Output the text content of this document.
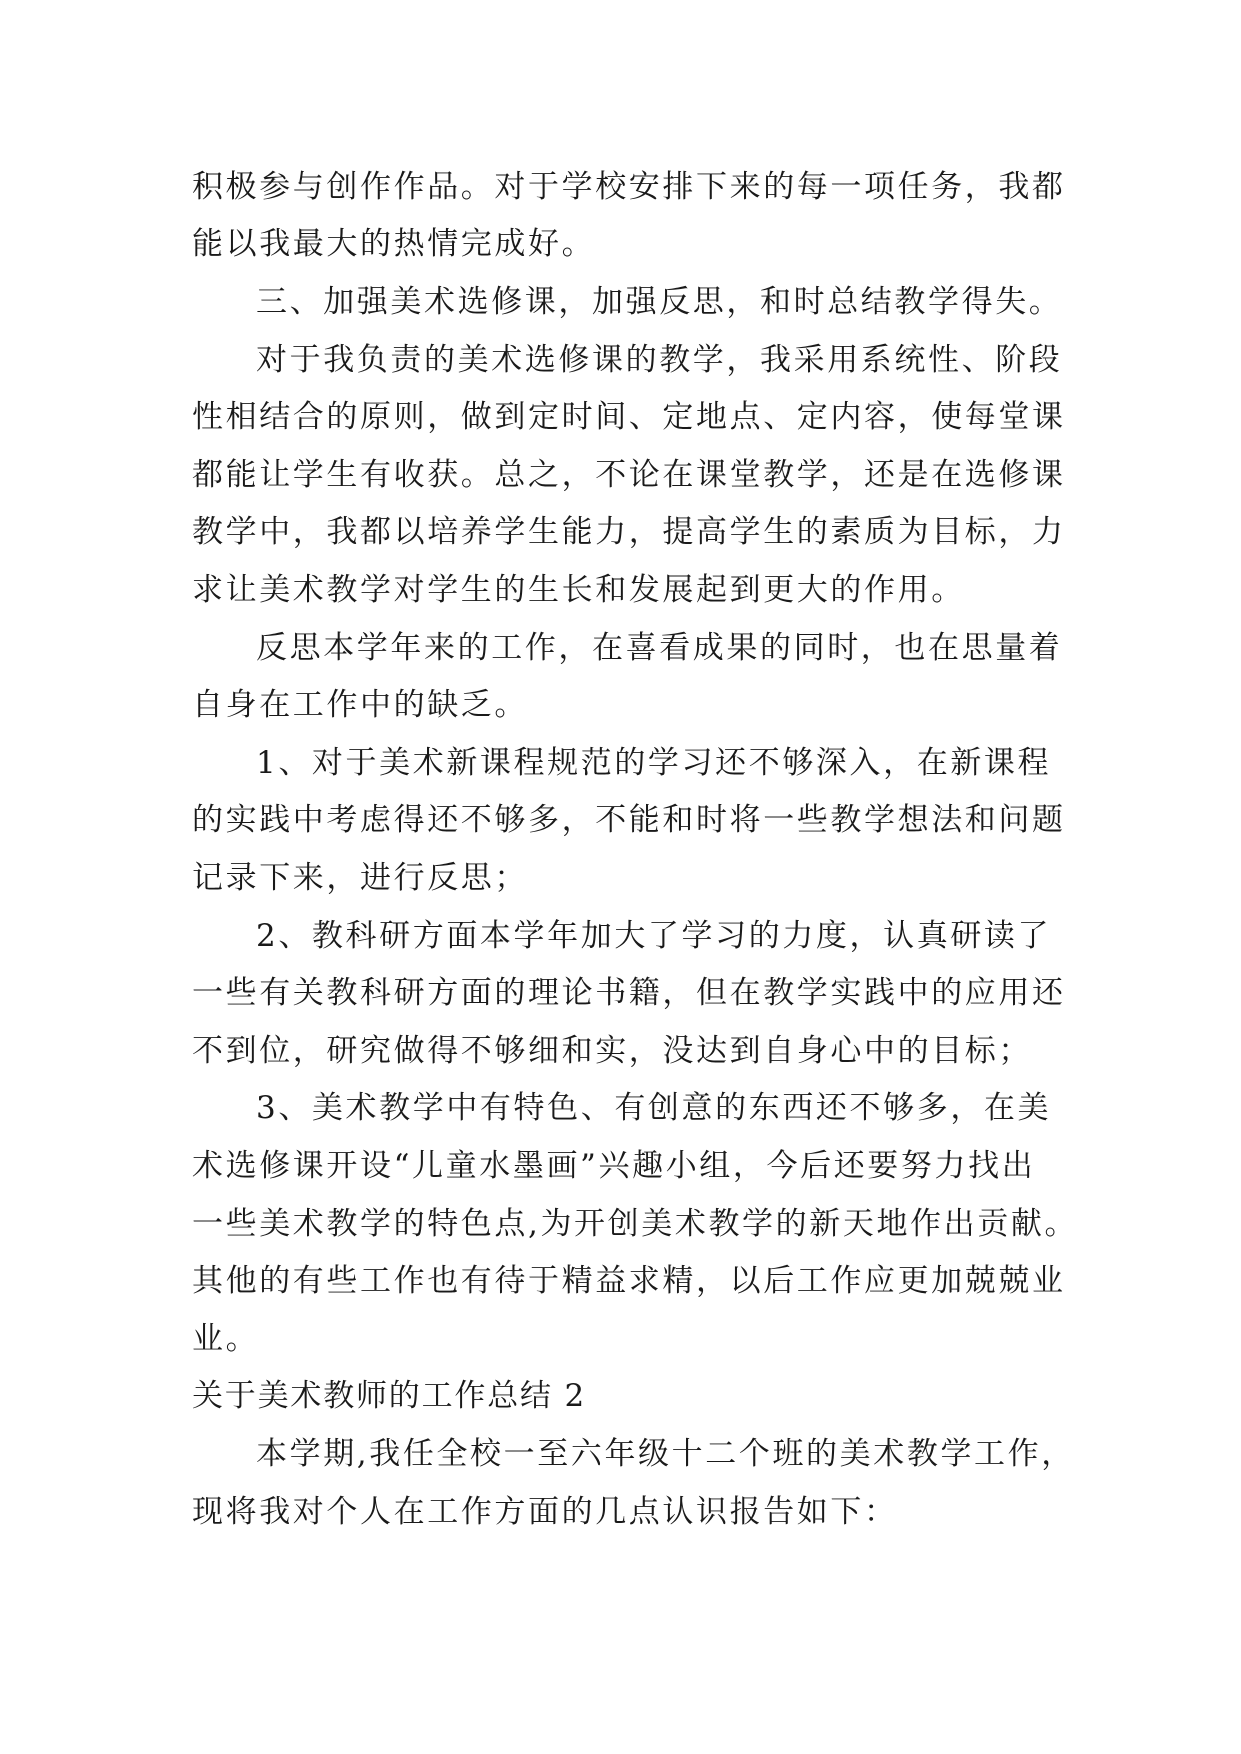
积极参与创作作品。对于学校安排下来的每一项任务，我都
能以我最大的热情完成好。
三、加强美术选修课，加强反思，和时总结教学得失。
对于我负责的美术选修课的教学，我采用系统性、阶段
性相结合的原则，做到定时间、定地点、定内容，使每堂课
都能让学生有收获。总之，不论在课堂教学，还是在选修课
教学中，我都以培养学生能力，提高学生的素质为目标，力
求让美术教学对学生的生长和发展起到更大的作用。
反思本学年来的工作，在喜看成果的同时，也在思量着
自身在工作中的缺乏。
1、对于美术新课程规范的学习还不够深入，在新课程
的实践中考虑得还不够多，不能和时将一些教学想法和问题
记录下来，进行反思；
2、教科研方面本学年加大了学习的力度，认真研读了
一些有关教科研方面的理论书籍，但在教学实践中的应用还
不到位，研究做得不够细和实，没达到自身心中的目标；
3、美术教学中有特色、有创意的东西还不够多，在美
术选修课开设“儿童水墨画”兴趣小组，今后还要努力找出
一些美术教学的特色点,为开创美术教学的新天地作出贡献。
其他的有些工作也有待于精益求精，以后工作应更加兢兢业
业。
关于美术教师的工作总结 2
本学期,我任全校一至六年级十二个班的美术教学工作，
现将我对个人在工作方面的几点认识报告如下：
